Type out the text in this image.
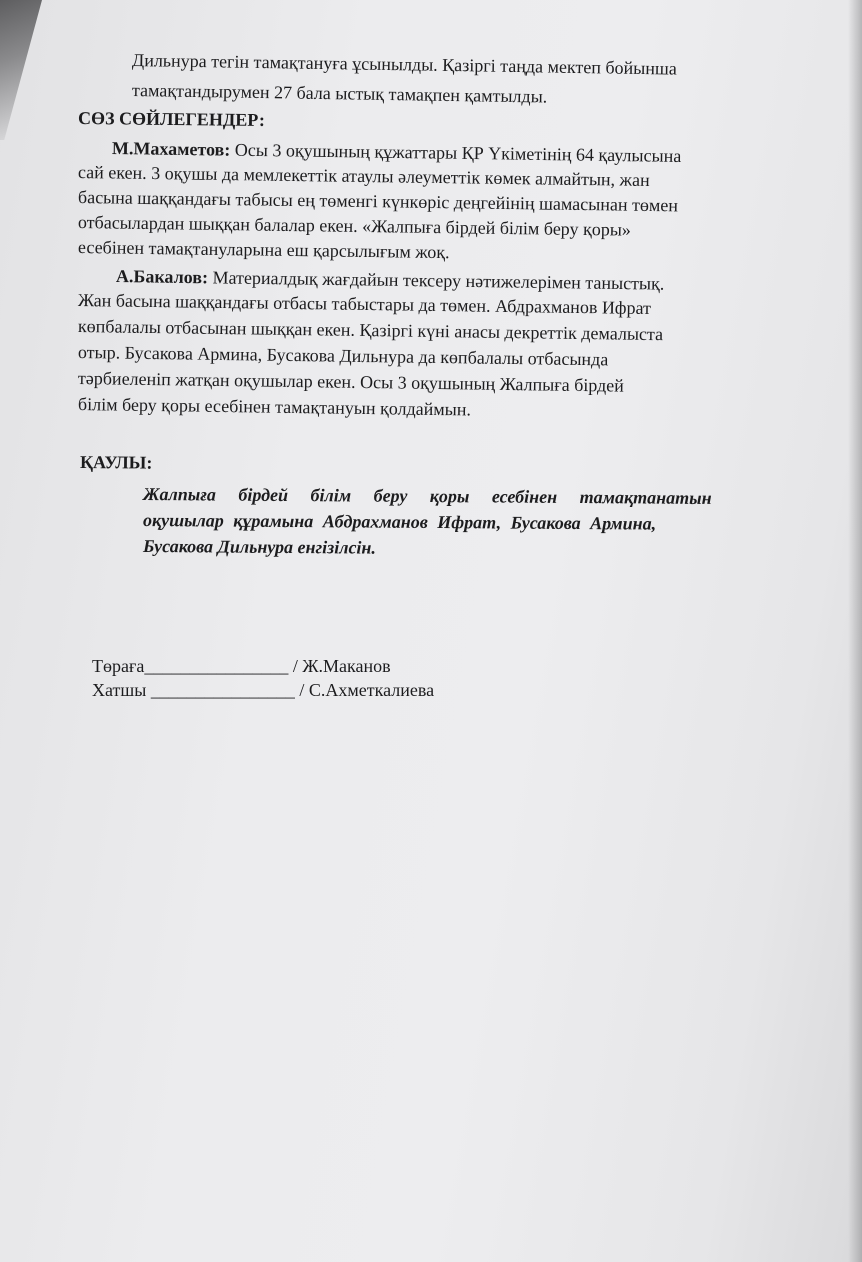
Дильнура тегін тамақтануға ұсынылды. Қазіргі таңда мектеп бойынша
тамақтандырумен 27 бала ыстық тамақпен қамтылды.
СӨЗ СӨЙЛЕГЕНДЕР:
М.Махаметов: Осы 3 оқушының құжаттары ҚР Үкіметінің 64 қаулысына
сай екен. 3 оқушы да мемлекеттік атаулы әлеуметтік көмек алмайтын, жан
басына шаққандағы табысы ең төменгі күнкөріс деңгейінің шамасынан төмен
отбасылардан шыққан балалар екен. «Жалпыға бірдей білім беру қоры»
есебінен тамақтануларына еш қарсылығым жоқ.
А.Бакалов: Материалдық жағдайын тексеру нәтижелерімен таныстық.
Жан басына шаққандағы отбасы табыстары да төмен. Абдрахманов Ифрат
көпбалалы отбасынан шыққан екен. Қазіргі күні анасы декреттік демалыста
отыр. Бусакова Армина, Бусакова Дильнура да көпбалалы отбасында
тәрбиеленіп жатқан оқушылар екен. Осы 3 оқушының Жалпыға бірдей
білім беру қоры есебінен тамақтануын қолдаймын.
ҚАУЛЫ:
Жалпыға бірдей білім беру қоры есебінен тамақтанатын
оқушылар құрамына Абдрахманов Ифрат, Бусакова Армина,
Бусакова Дильнура енгізілсін.
Төраға________________ / Ж.Маканов
Хатшы ________________ / С.Ахметкалиева
